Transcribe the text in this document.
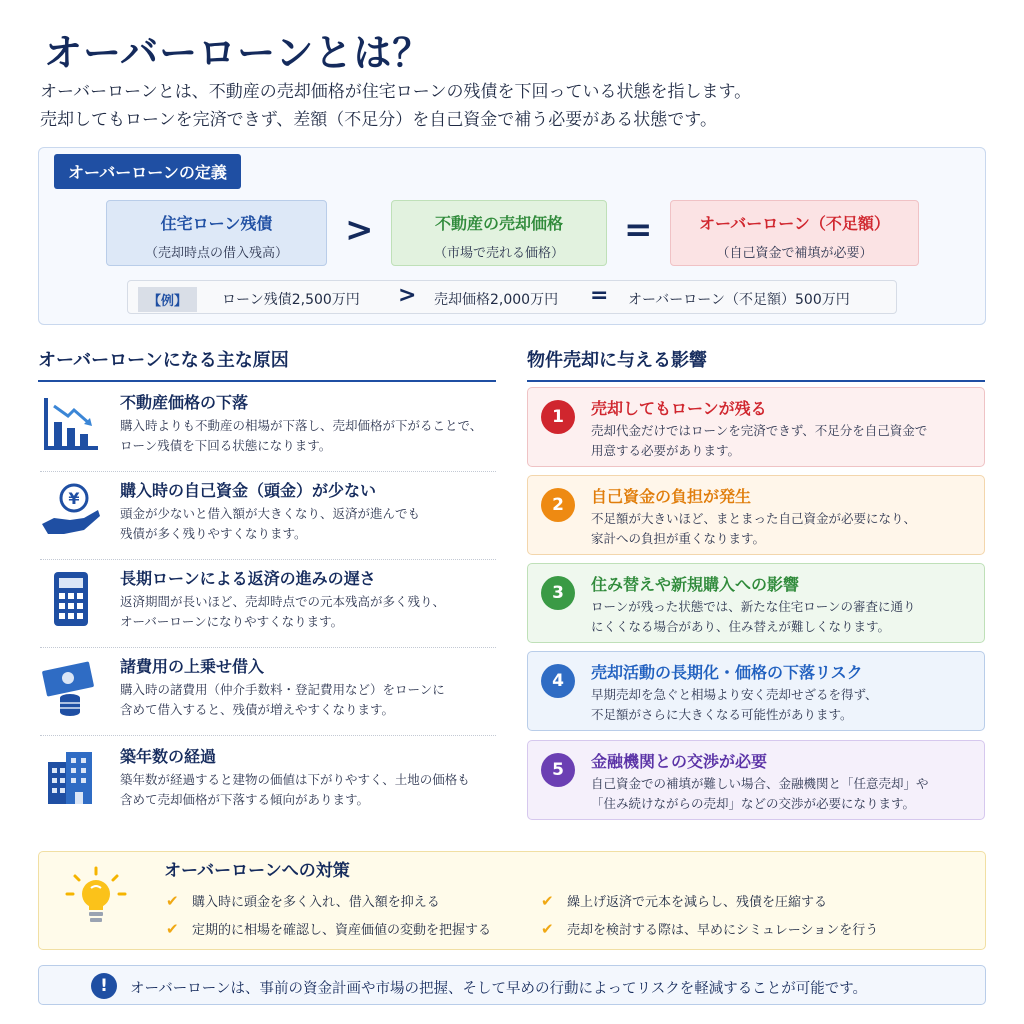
オーバーローンとは？
オーバーローンとは、不動産の売却価格が住宅ローンの残債を下回っている状態を指します。
売却してもローンを完済できず、差額（不足分）を自己資金で補う必要がある状態です。
オーバーローンの定義
住宅ローン残債
（売却時点の借入残高）
>	不動産の売却価格
（市場で売れる価格）
=	オーバーローン（不足額）
（自己資金で補填が必要）
【例】	ローン残債2,500万円 > 売却価格2,000万円 = オーバーローン（不足額）500万円
オーバーローンになる主な原因
不動産価格の下落
購入時よりも不動産の相場が下落し、売却価格が下がることで、
ローン残債を下回る状態になります。
¥	購入時の自己資金（頭金）が少ない
頭金が少ないと借入額が大きくなり、返済が進んでも
残債が多く残りやすくなります。
長期ローンによる返済の進みの遅さ
返済期間が長いほど、売却時点での元本残高が多く残り、
オーバーローンになりやすくなります。
諸費用の上乗せ借入
購入時の諸費用（仲介手数料・登記費用など）をローンに
含めて借入すると、残債が増えやすくなります。
築年数の経過
築年数が経過すると建物の価値は下がりやすく、土地の価格も
含めて売却価格が下落する傾向があります。
物件売却に与える影響
1	売却してもローンが残る
売却代金だけではローンを完済できず、不足分を自己資金で
用意する必要があります。
2	自己資金の負担が発生
不足額が大きいほど、まとまった自己資金が必要になり、
家計への負担が重くなります。
3	住み替えや新規購入への影響
ローンが残った状態では、新たな住宅ローンの審査に通り
にくくなる場合があり、住み替えが難しくなります。
4	売却活動の長期化・価格の下落リスク
早期売却を急ぐと相場より安く売却せざるを得ず、
不足額がさらに大きくなる可能性があります。
5	金融機関との交渉が必要
自己資金での補填が難しい場合、金融機関と「任意売却」や
「住み続けながらの売却」などの交渉が必要になります。
オーバーローンへの対策
✔ 購入時に頭金を多く入れ、借入額を抑える	✔ 繰上げ返済で元本を減らし、残債を圧縮する
✔ 定期的に相場を確認し、資産価値の変動を把握する	✔ 売却を検討する際は、早めにシミュレーションを行う
!	オーバーローンは、事前の資金計画や市場の把握、そして早めの行動によってリスクを軽減することが可能です。
